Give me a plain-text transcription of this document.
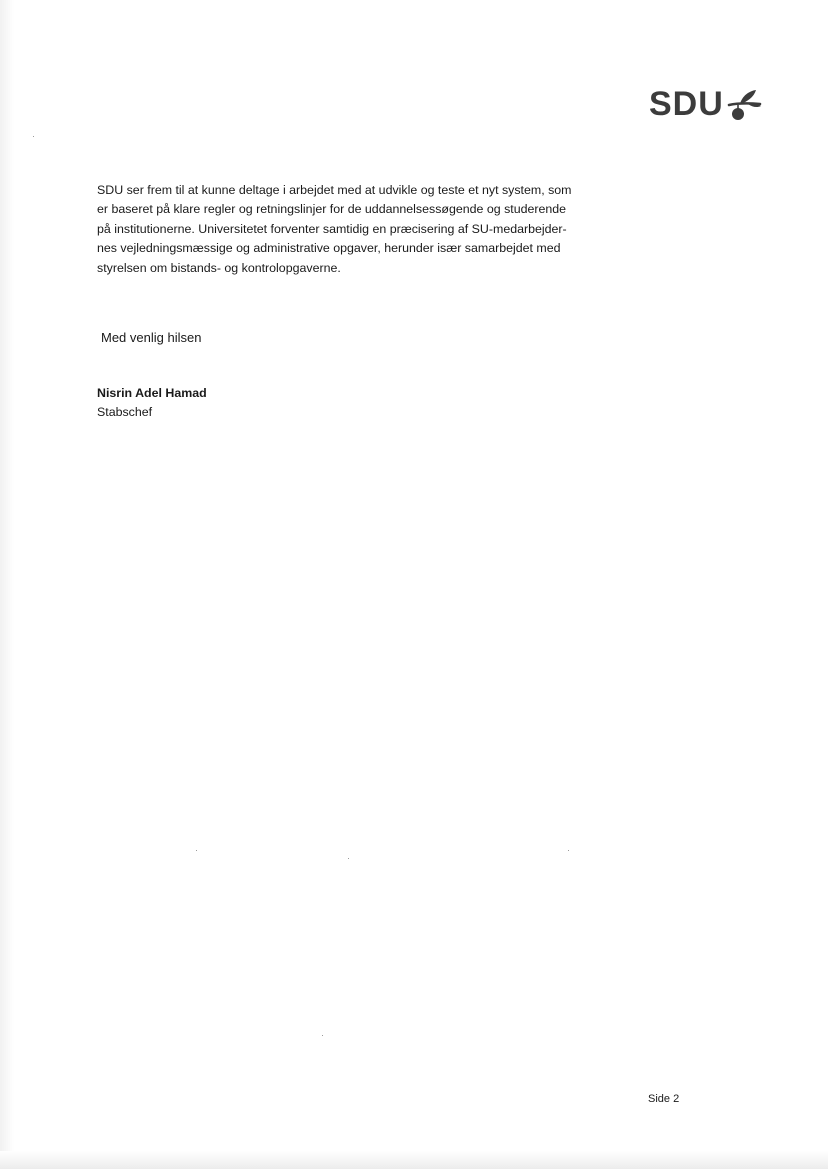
SDU
SDU ser frem til at kunne deltage i arbejdet med at udvikle og teste et nyt system, som
er baseret på klare regler og retningslinjer for de uddannelsessøgende og studerende
på institutionerne. Universitetet forventer samtidig en præcisering af SU-medarbejder-
nes vejledningsmæssige og administrative opgaver, herunder især samarbejdet med
styrelsen om bistands- og kontrolopgaverne.
Med venlig hilsen
Nisrin Adel Hamad
Stabschef
Side 2
